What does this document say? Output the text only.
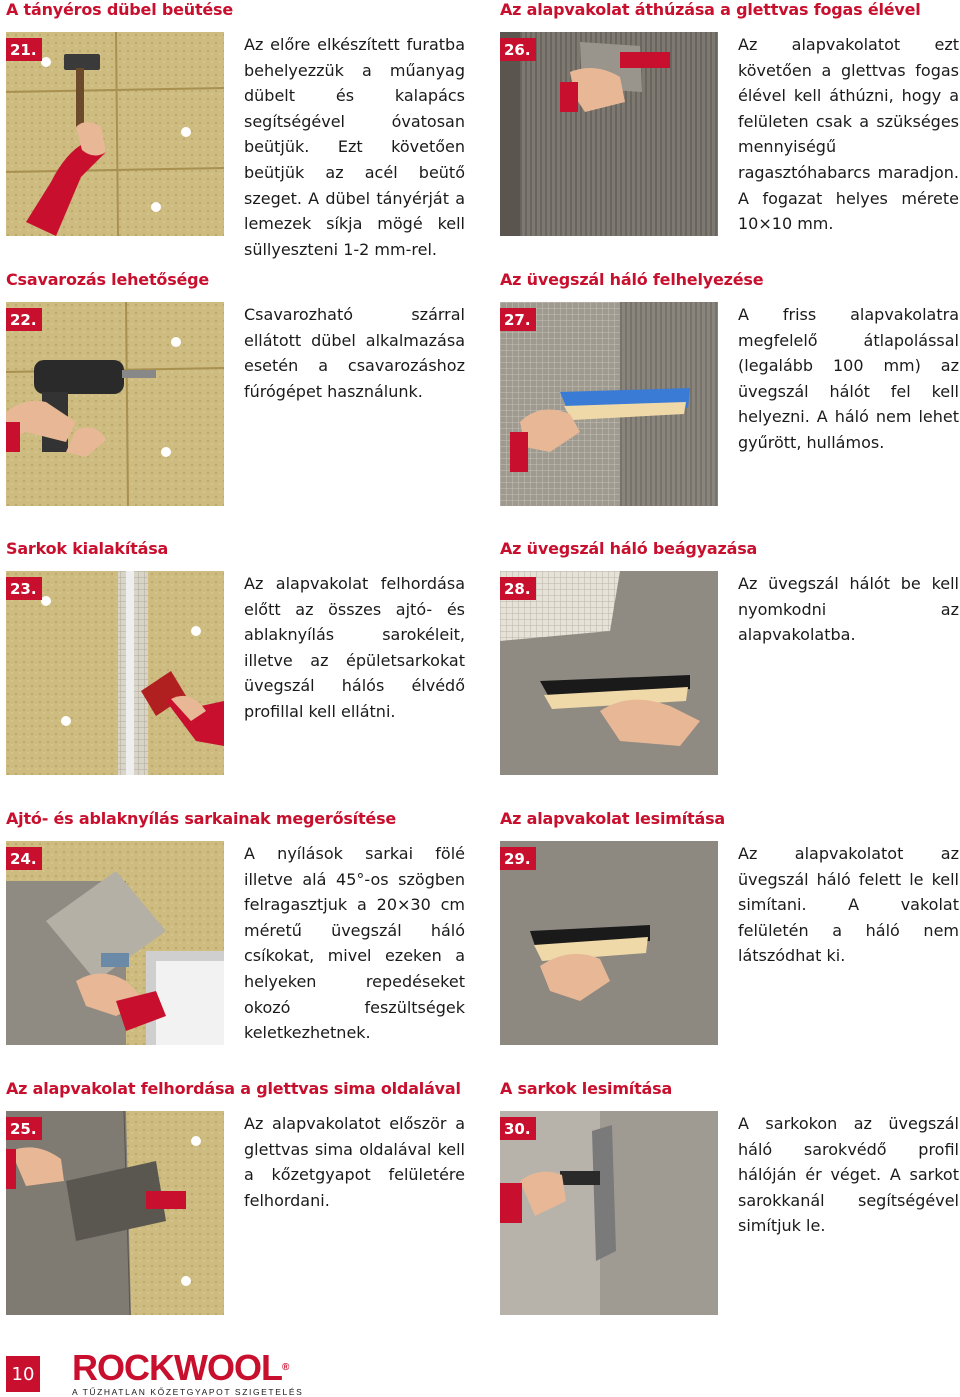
A tányéros dübel beütése
21.	Az előre elkészített furatba behelyezzük a műanyag dübelt és kalapács segítségével óvatosan beütjük. Ezt követően beütjük az acél beütő szeget. A dübel tányérját a lemezek síkja mögé kell süllyeszteni 1-2 mm-rel.
Csavarozás lehetősége
22.	Csavarozható szárral ellátott dübel alkalmazása esetén a csavarozáshoz fúrógépet használunk.
Sarkok kialakítása
23.	Az alapvakolat felhordása előtt az összes ajtó- és ablaknyílás sarokéleit, illetve az épületsarkokat üvegszál hálós élvédő profillal kell ellátni.
Ajtó- és ablaknyílás sarkainak megerősítése
24.	A nyílások sarkai fölé illetve alá 45°-os szögben felragasztjuk a 20×30 cm méretű üvegszál háló csíkokat, mivel ezeken a helyeken repedéseket okozó feszültségek keletkezhetnek.
Az alapvakolat felhordása a glettvas sima oldalával
25.	Az alapvakolatot először a glettvas sima oldalával kell a kőzetgyapot felületére felhordani.
Az alapvakolat áthúzása a glettvas fogas élével
26.	Az alapvakolatot ezt követően a glettvas fogas élével kell áthúzni, hogy a felületen csak a szükséges mennyiségű ragasztóhabarcs maradjon. A fogazat helyes mérete 10×10 mm.
Az üvegszál háló felhelyezése
27.	A friss alapvakolatra megfelelő átlapolással (legalább 100 mm) az üvegszál hálót fel kell helyezni. A háló nem lehet gyűrött, hullámos.
Az üvegszál háló beágyazása
28.	Az üvegszál hálót be kell nyomkodni az alapvakolatba.
Az alapvakolat lesimítása
29.	Az alapvakolatot az üvegszál háló felett le kell simítani. A vakolat felületén a háló nem látszódhat ki.
A sarkok lesimítása
30.	A sarkokon az üvegszál háló sarokvédő profil hálóján ér véget. A sarkot sarokkanál segítségével simítjuk le.
10 ROCKWOOL®
A TŰZHATLAN KŐZETGYAPOT SZIGETELÉS
